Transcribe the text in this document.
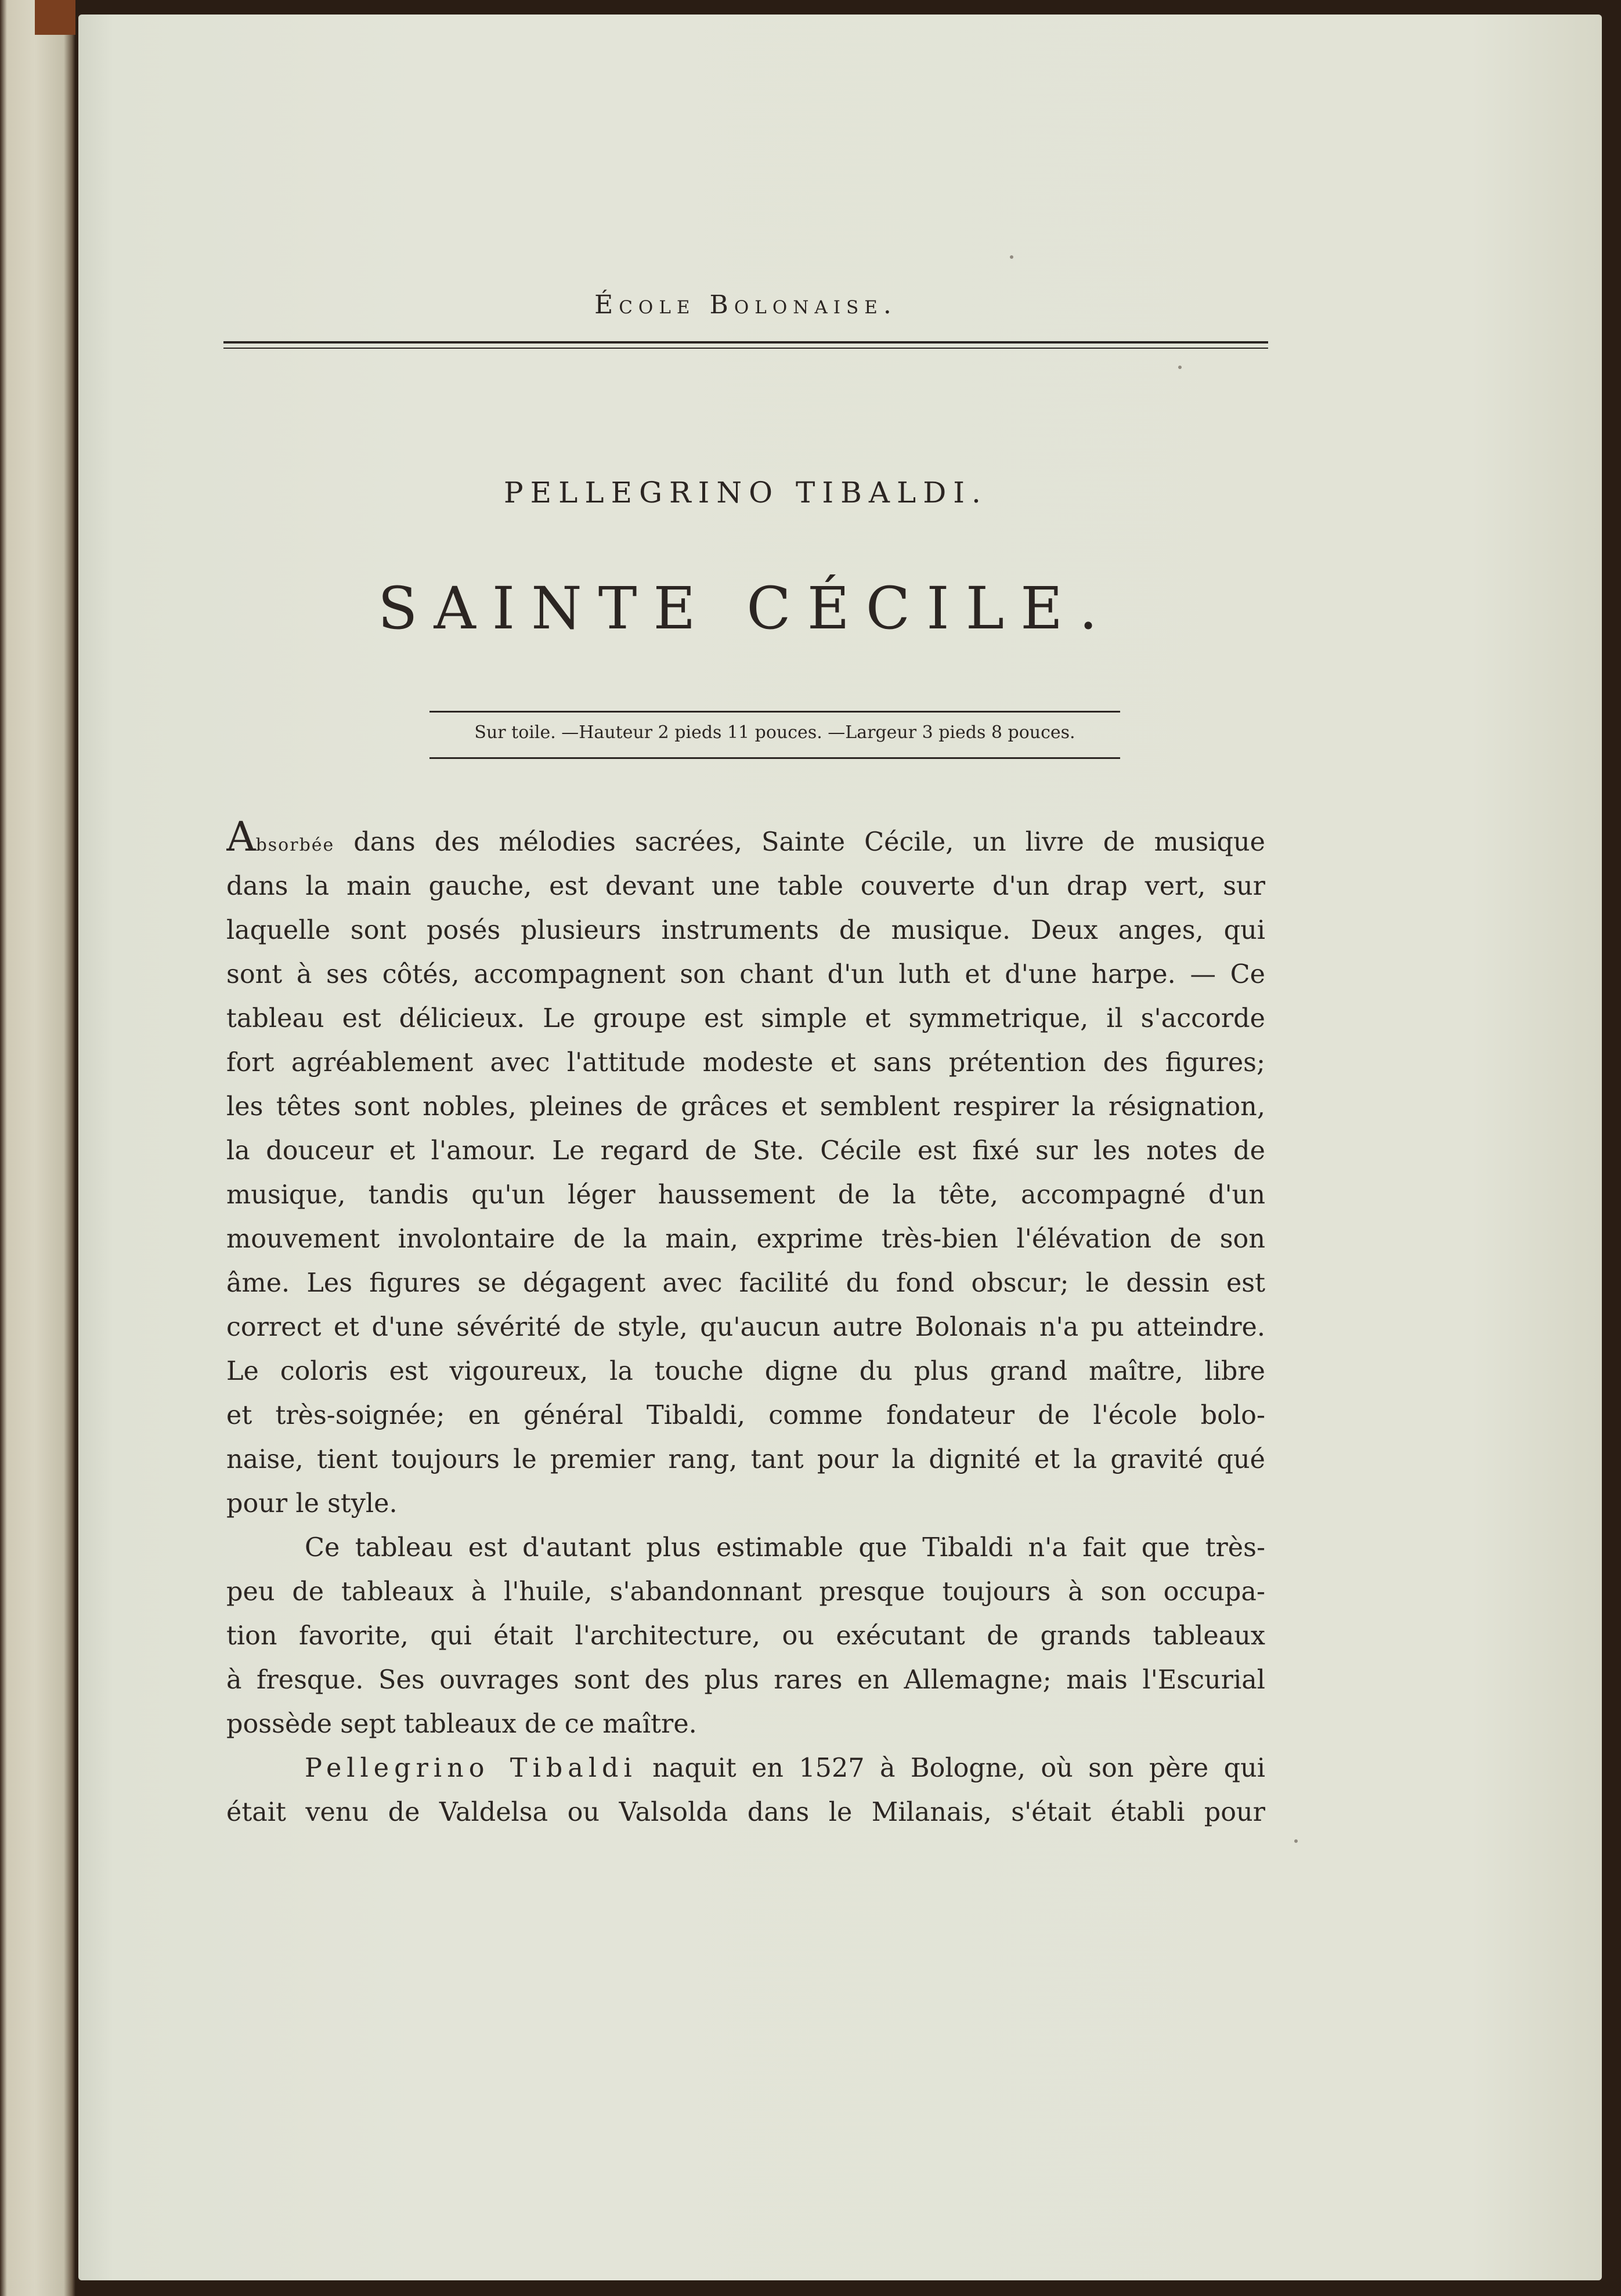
École Bolonaise.
PELLEGRINO TIBALDI.
SAINTE CÉCILE.
Sur toile. —Hauteur 2 pieds 11 pouces. —Largeur 3 pieds 8 pouces.
Absorbée dans des mélodies sacrées, Sainte Cécile, un livre de musique
dans la main gauche, est devant une table couverte d'un drap vert, sur
laquelle sont posés plusieurs instruments de musique. Deux anges, qui
sont à ses côtés, accompagnent son chant d'un luth et d'une harpe. — Ce
tableau est délicieux. Le groupe est simple et symmetrique, il s'accorde
fort agréablement avec l'attitude modeste et sans prétention des figures;
les têtes sont nobles, pleines de grâces et semblent respirer la résignation,
la douceur et l'amour. Le regard de Ste. Cécile est fixé sur les notes de
musique, tandis qu'un léger haussement de la tête, accompagné d'un
mouvement involontaire de la main, exprime très-bien l'élévation de son
âme. Les figures se dégagent avec facilité du fond obscur; le dessin est
correct et d'une sévérité de style, qu'aucun autre Bolonais n'a pu atteindre.
Le coloris est vigoureux, la touche digne du plus grand maître, libre
et très-soignée; en général Tibaldi, comme fondateur de l'école bolo-
naise, tient toujours le premier rang, tant pour la dignité et la gravité qué
pour le style.
Ce tableau est d'autant plus estimable que Tibaldi n'a fait que très-
peu de tableaux à l'huile, s'abandonnant presque toujours à son occupa-
tion favorite, qui était l'architecture, ou exécutant de grands tableaux
à fresque. Ses ouvrages sont des plus rares en Allemagne; mais l'Escurial
possède sept tableaux de ce maître.
Pellegrino Tibaldi naquit en 1527 à Bologne, où son père qui
était venu de Valdelsa ou Valsolda dans le Milanais, s'était établi pour
